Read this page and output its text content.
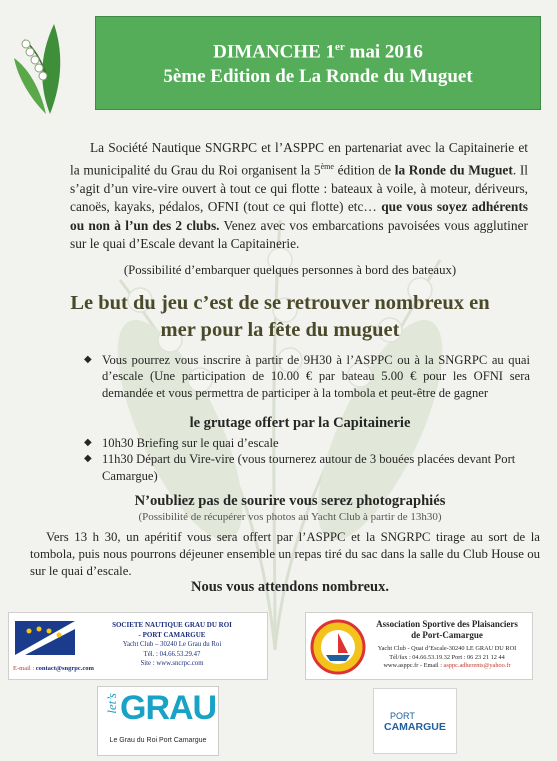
DIMANCHE 1er mai 2016
5ème Edition de La Ronde du Muguet
La Société Nautique SNGRPC et l’ASPPC en partenariat avec la Capitainerie et la municipalité du Grau du Roi organisent la 5ème édition de la Ronde du Muguet. Il s’agit d’un vire-vire ouvert à tout ce qui flotte : bateaux à voile, à moteur, dériveurs, canoës, kayaks, pédalos, OFNI (tout ce qui flotte) etc… que vous soyez adhérents ou non à l’un des 2 clubs. Venez avec vos embarcations pavoisées vous agglutiner sur le quai d’Escale devant la Capitainerie.
(Possibilité d’embarquer quelques personnes à bord des bateaux)
Le but du jeu c’est de se retrouver nombreux en
mer pour la fête du muguet
◆ Vous pourrez vous inscrire à partir de 9H30 à l’ASPPC ou à la SNGRPC au quai d’escale (Une participation de 10.00 € par bateau 5.00 € pour les OFNI sera demandée et vous permettra de participer à la tombola et peut-être de gagner
le grutage offert par la Capitainerie
◆ 10h30 Briefing sur le quai d’escale
◆ 11h30 Départ du Vire-vire (vous tournerez autour de 3 bouées placées devant Port Camargue)
N’oubliez pas de sourire vous serez photographiés
(Possibilité de récupérer vos photos au Yacht Club à partir de 13h30)
Vers 13 h 30, un apéritif vous sera offert par l’ASPPC et la SNGRPC tirage au sort de la tombola, puis nous pourrons déjeuner ensemble un repas tiré du sac dans la salle du Club House ou sur le quai d’escale.
Nous vous attendons nombreux.
SOCIETE NAUTIQUE GRAU DU ROI
- PORT CAMARGUE
Yacht Club – 30240 Le Grau du Roi
Tél. : 04.66.53.29.47
Site : www.sncrpc.com
E-mail : contact@sngrpc.com
Association Sportive des Plaisanciers
de Port-Camargue
Yacht Club - Quai d’Escale-30240 LE GRAU DU ROI
Tél/fax : 04.66.53.19.32 Port : 06 23 21 12 44
www.asppc.fr - Email : asppc.adherents@yahoo.fr
let’s GRAU
Le Grau du Roi Port Camargue
PORT
CAMARGUE
